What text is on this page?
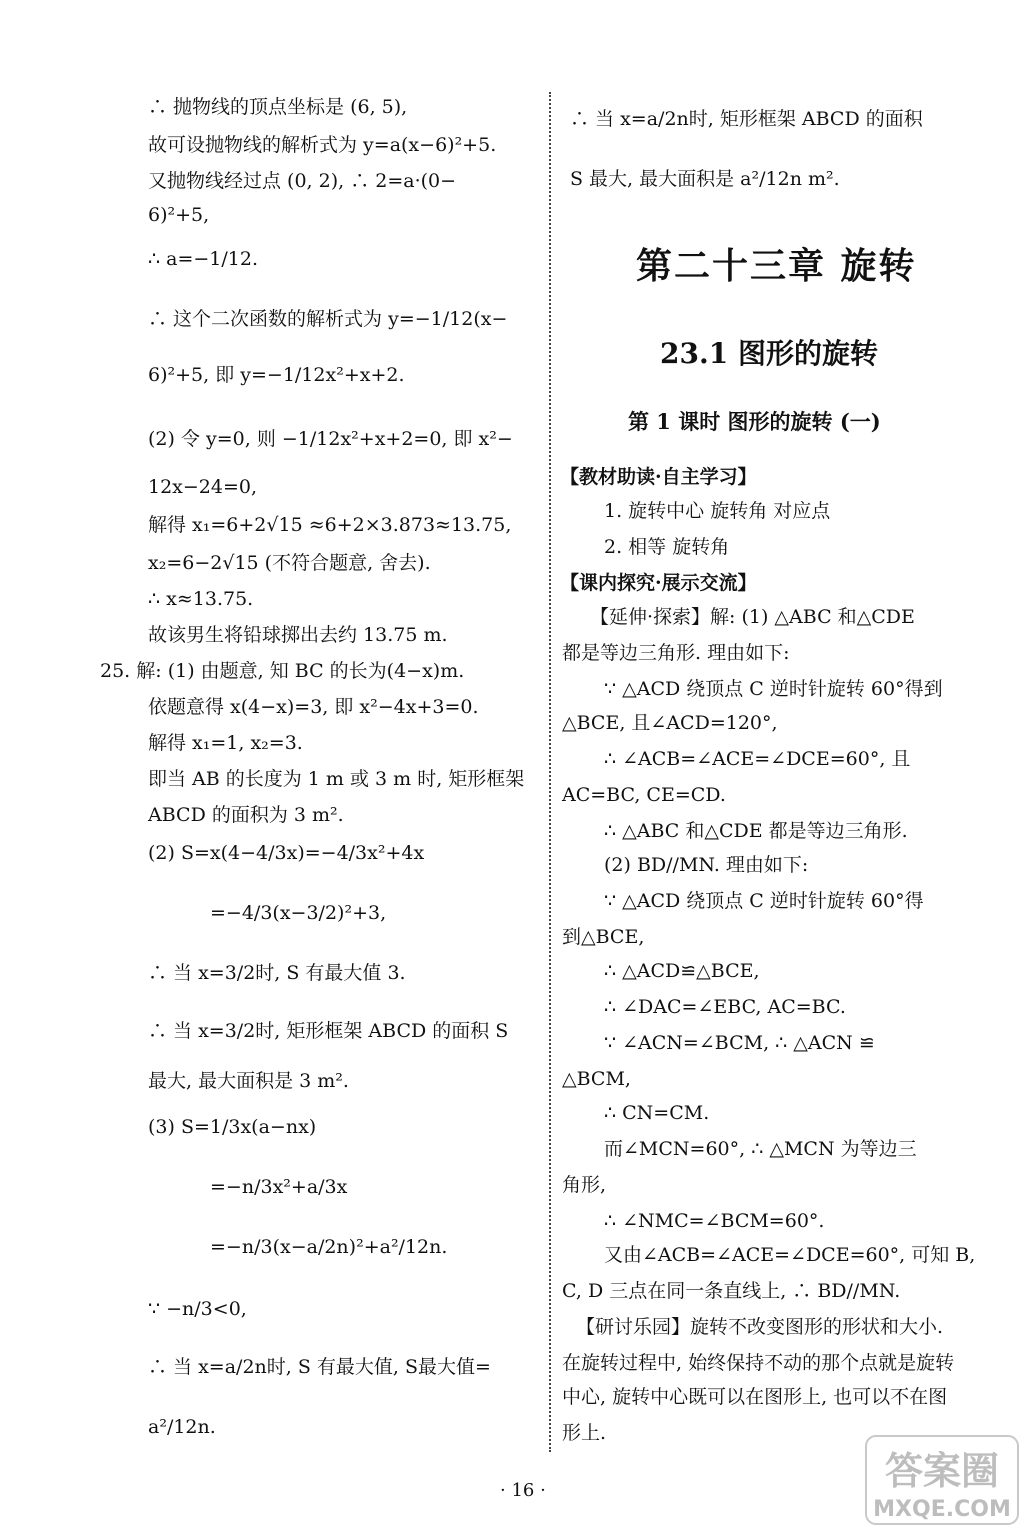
∴ 抛物线的顶点坐标是 (6, 5),
故可设抛物线的解析式为 y=a(x−6)²+5.
又抛物线经过点 (0, 2), ∴ 2=a·(0−
6)²+5,
∴ a=−1/12.
∴ 这个二次函数的解析式为 y=−1/12(x−
6)²+5, 即 y=−1/12x²+x+2.
(2) 令 y=0, 则 −1/12x²+x+2=0, 即 x²−
12x−24=0,
解得 x₁=6+2√15 ≈6+2×3.873≈13.75,
x₂=6−2√15 (不符合题意, 舍去).
∴ x≈13.75.
故该男生将铅球掷出去约 13.75 m.
25. 解: (1) 由题意, 知 BC 的长为(4−x)m.
依题意得 x(4−x)=3, 即 x²−4x+3=0.
解得 x₁=1, x₂=3.
即当 AB 的长度为 1 m 或 3 m 时, 矩形框架
ABCD 的面积为 3 m².
(2) S=x(4−4/3x)=−4/3x²+4x
=−4/3(x−3/2)²+3,
∴ 当 x=3/2时, S 有最大值 3.
∴ 当 x=3/2时, 矩形框架 ABCD 的面积 S
最大, 最大面积是 3 m².
(3) S=1/3x(a−nx)
=−n/3x²+a/3x
=−n/3(x−a/2n)²+a²/12n.
∵ −n/3<0,
∴ 当 x=a/2n时, S 有最大值, S最大值=
a²/12n.
∴ 当 x=a/2n时, 矩形框架 ABCD 的面积
S 最大, 最大面积是 a²/12n m².
第二十三章 旋转
23.1 图形的旋转
第 1 课时 图形的旋转 (一)
【教材助读·自主学习】
1. 旋转中心 旋转角 对应点
2. 相等 旋转角
【课内探究·展示交流】
【延伸·探索】解: (1) △ABC 和△CDE
都是等边三角形. 理由如下:
∵ △ACD 绕顶点 C 逆时针旋转 60°得到
△BCE, 且∠ACD=120°,
∴ ∠ACB=∠ACE=∠DCE=60°, 且
AC=BC, CE=CD.
∴ △ABC 和△CDE 都是等边三角形.
(2) BD//MN. 理由如下:
∵ △ACD 绕顶点 C 逆时针旋转 60°得
到△BCE,
∴ △ACD≌△BCE,
∴ ∠DAC=∠EBC, AC=BC.
∵ ∠ACN=∠BCM, ∴ △ACN ≌
△BCM,
∴ CN=CM.
而∠MCN=60°, ∴ △MCN 为等边三
角形,
∴ ∠NMC=∠BCM=60°.
又由∠ACB=∠ACE=∠DCE=60°, 可知 B,
C, D 三点在同一条直线上, ∴ BD//MN.
【研讨乐园】旋转不改变图形的形状和大小.
在旋转过程中, 始终保持不动的那个点就是旋转
中心, 旋转中心既可以在图形上, 也可以不在图
形上.
· 16 ·	答案圈
MXQE.COM
